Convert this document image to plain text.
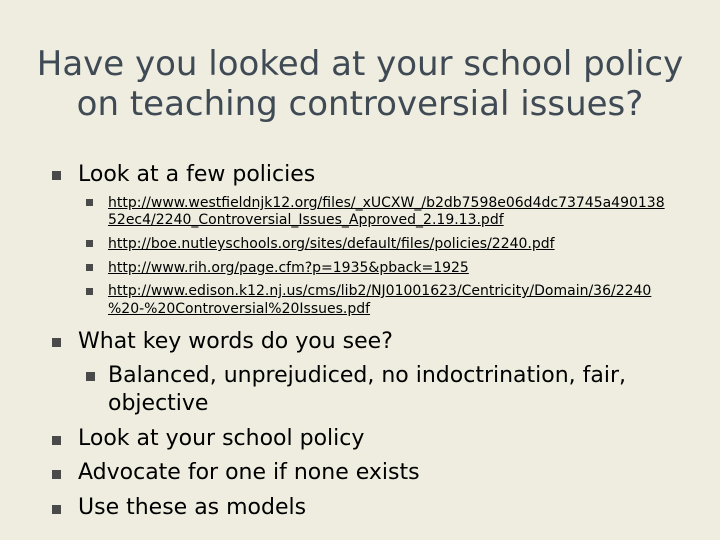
Have you looked at your school policy
on teaching controversial issues?
Look at a few policies
http://www.westfieldnjk12.org/files/_xUCXW_/b2db7598e06d4dc73745a490138
52ec4/2240_Controversial_Issues_Approved_2.19.13.pdf
http://boe.nutleyschools.org/sites/default/files/policies/2240.pdf
http://www.rih.org/page.cfm?p=1935&pback=1925
http://www.edison.k12.nj.us/cms/lib2/NJ01001623/Centricity/Domain/36/2240
%20-%20Controversial%20Issues.pdf
What key words do you see?
Balanced, unprejudiced, no indoctrination, fair,
objective
Look at your school policy
Advocate for one if none exists
Use these as models
